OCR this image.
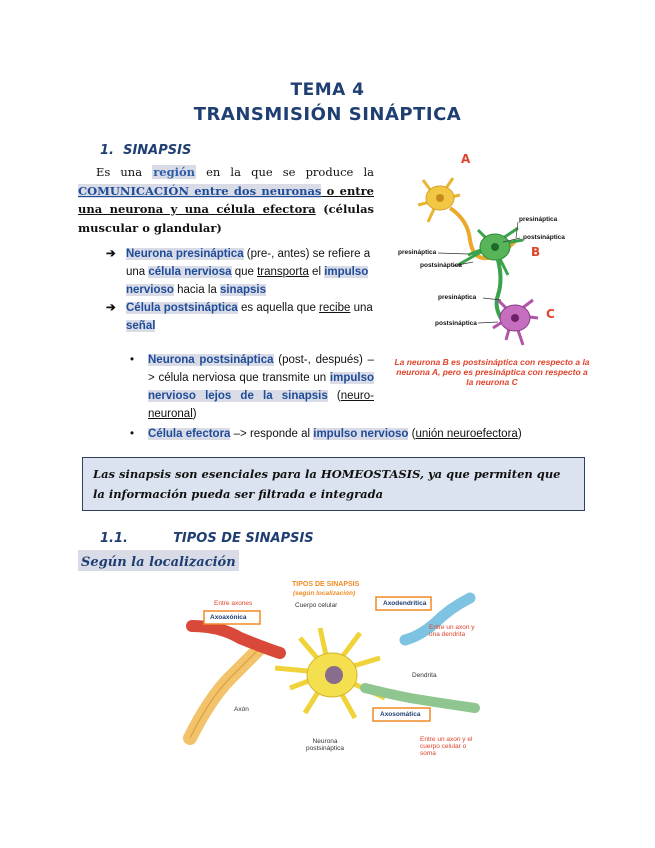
TEMA 4
TRANSMISIÓN SINÁPTICA
1. SINAPSIS
Es una región en la que se produce la COMUNICACIÓN entre dos neuronas o entre una neurona y una célula efectora (células muscular o glandular)
➔ Neurona presináptica (pre-, antes) se refiere a una célula nerviosa que transporta el impulso nervioso hacia la sinapsis
➔ Célula postsináptica es aquella que recibe una señal
• Neurona postsináptica (post-, después) –> célula nerviosa que transmite un impulso nervioso lejos de la sinapsis (neuro-neuronal)
• Célula efectora –> responde al impulso nervioso (unión neuroefectora)
A
B
C
presináptica
postsináptica
presináptica
postsináptica
presináptica
postsináptica
La neurona B es postsináptica con respecto a la neurona A, pero es presináptica con respecto a la neurona C
Las sinapsis son esenciales para la HOMEOSTASIS, ya que permiten que la información pueda ser filtrada e integrada
1.1.	TIPOS DE SINAPSIS
Según la localización
TIPOS DE SINAPSIS
(según localización)
Entre axones
Axoaxónica
Cuerpo celular	Axodendrítica
Entre un axon y una dendrita
Dendrita
Axón
Axosomática
Entre un axon y el cuerpo celular o soma
Neurona postsináptica
